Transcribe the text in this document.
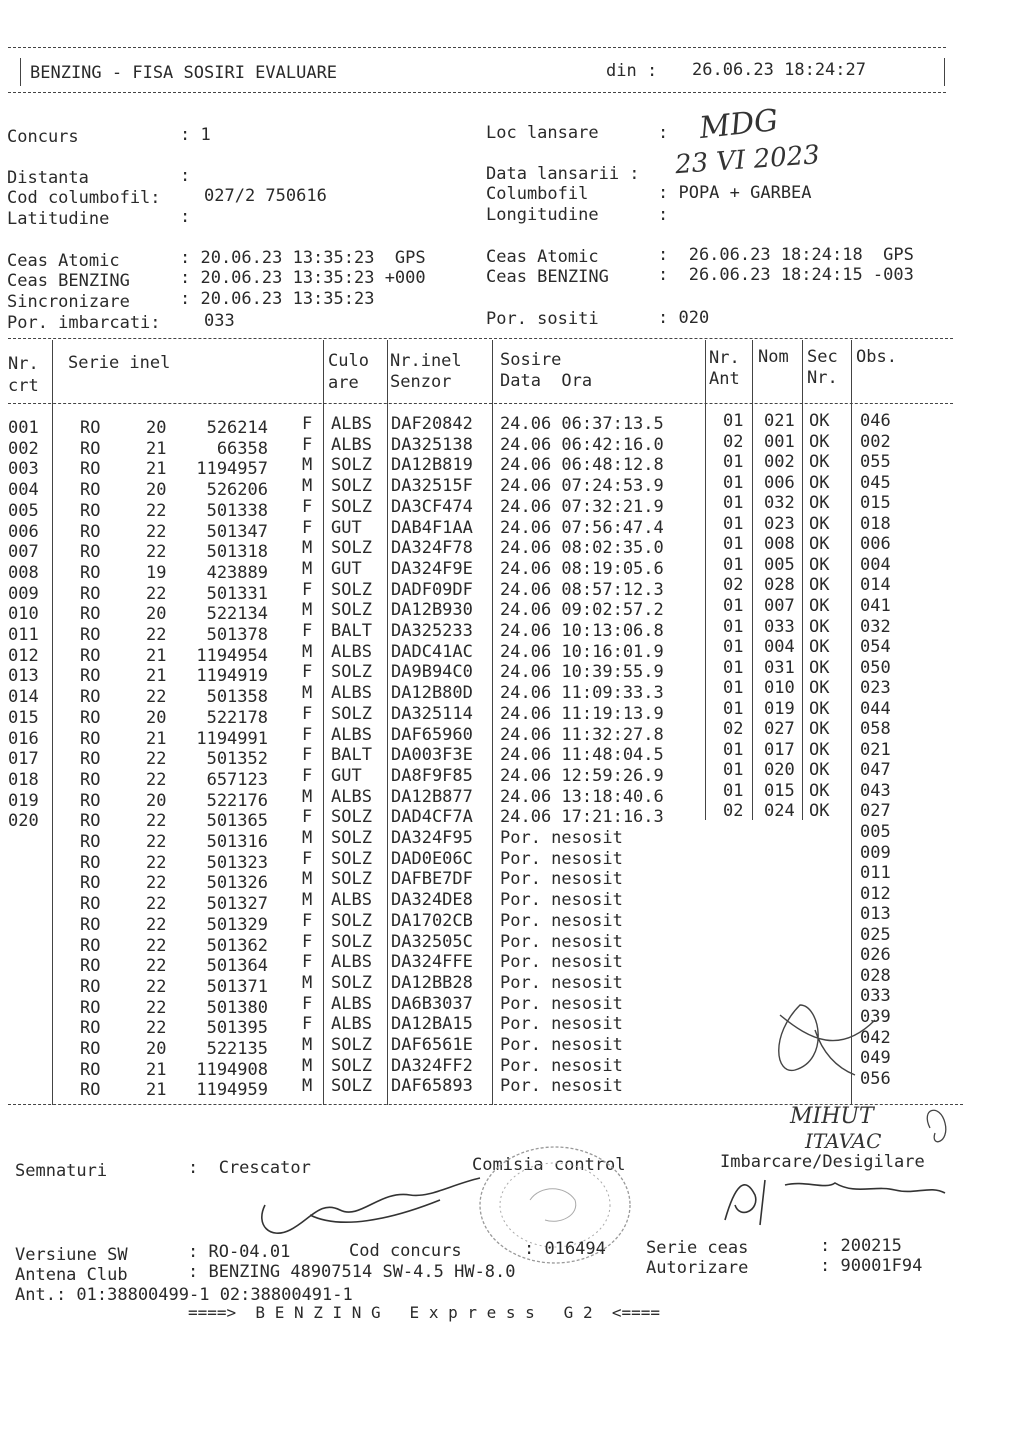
BENZING - FISA SOSIRI EVALUARE	din : 26.06.23 18:24:27
Concurs	: 1
Distanta	:
Cod columbofil:	027/2 750616
Latitudine	:
Loc lansare	:
Data lansarii :
Columbofil	: POPA + GARBEA
Longitudine	:
MDG
23 VI 2023
Ceas Atomic	: 20.06.23 13:35:23  GPS
Ceas BENZING	: 20.06.23 13:35:23 +000
Sincronizare	: 20.06.23 13:35:23
Por. imbarcati:	033
Ceas Atomic	:  26.06.23 18:24:18  GPS
Ceas BENZING	:  26.06.23 18:24:15 -003
Por. sositi	: 020
Nr.
crt
Serie inel	Culo
are
Nr.inel
Senzor
Sosire
Data  Ora
Nr.
Ant
Nom Sec
Nr.
Obs.
001 RO	20	526214 F ALBS DAF20842 24.06 06:37:13.5	01 021 OK 046
002 RO	21	66358 F ALBS DA325138 24.06 06:42:16.0	02 001 OK 002
003 RO	21	1194957 M SOLZ DA12B819 24.06 06:48:12.8	01 002 OK 055
004 RO	20	526206 M SOLZ DA32515F 24.06 07:24:53.9	01 006 OK 045
005 RO	22	501338 F SOLZ DA3CF474 24.06 07:32:21.9	01 032 OK 015
006 RO	22	501347 F GUT DAB4F1AA 24.06 07:56:47.4	01 023 OK 018
007 RO	22	501318 M SOLZ DA324F78 24.06 08:02:35.0	01 008 OK 006
008 RO	19	423889 M GUT DA324F9E 24.06 08:19:05.6	01 005 OK 004
009 RO	22	501331 F SOLZ DADF09DF 24.06 08:57:12.3	02 028 OK 014
010 RO	20	522134 M SOLZ DA12B930 24.06 09:02:57.2	01 007 OK 041
011 RO	22	501378 F BALT DA325233 24.06 10:13:06.8	01 033 OK 032
012 RO	21	1194954 M ALBS DADC41AC 24.06 10:16:01.9	01 004 OK 054
013 RO	21	1194919 F SOLZ DA9B94C0 24.06 10:39:55.9	01 031 OK 050
014 RO	22	501358 M ALBS DA12B80D 24.06 11:09:33.3	01 010 OK 023
015 RO	20	522178 F SOLZ DA325114 24.06 11:19:13.9	01 019 OK 044
016 RO	21	1194991 F ALBS DAF65960 24.06 11:32:27.8	02 027 OK 058
017 RO	22	501352 F BALT DA003F3E 24.06 11:48:04.5	01 017 OK 021
018 RO	22	657123 F GUT DA8F9F85 24.06 12:59:26.9	01 020 OK 047
019 RO	20	522176 M ALBS DA12B877 24.06 13:18:40.6	01 015 OK 043
020 RO	22	501365 F SOLZ DAD4CF7A 24.06 17:21:16.3	02 024 OK 027
RO	22	501316 M SOLZ DA324F95 Por. nesosit	005
RO	22	501323 F SOLZ DAD0E06C Por. nesosit	009
RO	22	501326 M SOLZ DAFBE7DF Por. nesosit	011
RO	22	501327 M ALBS DA324DE8 Por. nesosit	012
RO	22	501329 F SOLZ DA1702CB Por. nesosit	013
RO	22	501362 F SOLZ DA32505C Por. nesosit	025
RO	22	501364 F ALBS DA324FFE Por. nesosit	026
RO	22	501371 M SOLZ DA12BB28 Por. nesosit	028
RO	22	501380 F ALBS DA6B3037 Por. nesosit	033
RO	22	501395 F ALBS DA12BA15 Por. nesosit	039
RO	20	522135 M SOLZ DAF6561E Por. nesosit	042
RO	21	1194908 M SOLZ DA324FF2 Por. nesosit	049
RO	21	1194959 M SOLZ DAF65893 Por. nesosit	056
MIHUT
ITAVAC
Semnaturi	:  Crescator	Comisia control	Imbarcare/Desigilare
Versiune SW	: RO-04.01	Cod concurs	: 016494 Serie ceas	: 200215
Antena Club	: BENZING 48907514 SW-4.5 HW-8.0	Autorizare	: 90001F94
Ant.: 01:38800499-1 02:38800491-1
====>  B E N Z I N G   E x p r e s s   G 2  <====
